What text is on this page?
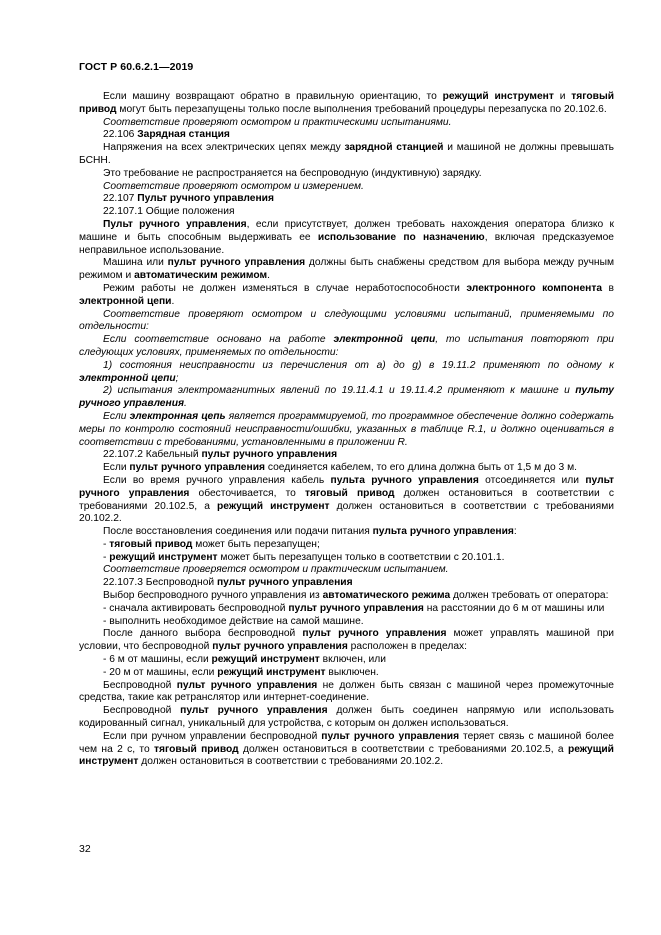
ГОСТ Р 60.6.2.1—2019

Если машину возвращают обратно в правильную ориентацию, то режущий инструмент и тяговый привод могут быть перезапущены только после выполнения требований процедуры перезапуска по 20.102.6.

Соответствие проверяют осмотром и практическими испытаниями.

22.106 Зарядная станция

Напряжения на всех электрических цепях между зарядной станцией и машиной не должны превышать БСНН.

Это требование не распространяется на беспроводную (индуктивную) зарядку.

Соответствие проверяют осмотром и измерением.

22.107 Пульт ручного управления

22.107.1 Общие положения

Пульт ручного управления, если присутствует, должен требовать нахождения оператора близко к машине и быть способным выдерживать ее использование по назначению, включая предсказуемое неправильное использование.

Машина или пульт ручного управления должны быть снабжены средством для выбора между ручным режимом и автоматическим режимом.

Режим работы не должен изменяться в случае неработоспособности электронного компонента в электронной цепи.

Соответствие проверяют осмотром и следующими условиями испытаний, применяемыми по отдельности:

Если соответствие основано на работе электронной цепи, то испытания повторяют при следующих условиях, применяемых по отдельности:

1) состояния неисправности из перечисления от a) до g) в 19.11.2 применяют по одному к электронной цепи;

2) испытания электромагнитных явлений по 19.11.4.1 и 19.11.4.2 применяют к машине и пульту ручного управления.

Если электронная цепь является программируемой, то программное обеспечение должно содержать меры по контролю состояний неисправности/ошибки, указанных в таблице R.1, и должно оцениваться в соответствии с требованиями, установленными в приложении R.

22.107.2 Кабельный пульт ручного управления

Если пульт ручного управления соединяется кабелем, то его длина должна быть от 1,5 м до 3 м.

Если во время ручного управления кабель пульта ручного управления отсоединяется или пульт ручного управления обесточивается, то тяговый привод должен остановиться в соответствии с требованиями 20.102.5, а режущий инструмент должен остановиться в соответствии с требованиями 20.102.2.

После восстановления соединения или подачи питания пульта ручного управления:

- тяговый привод может быть перезапущен;

- режущий инструмент может быть перезапущен только в соответствии с 20.101.1.

Соответствие проверяется осмотром и практическим испытанием.

22.107.3 Беспроводной пульт ручного управления

Выбор беспроводного ручного управления из автоматического режима должен требовать от оператора:

- сначала активировать беспроводной пульт ручного управления на расстоянии до 6 м от машины или

- выполнить необходимое действие на самой машине.

После данного выбора беспроводной пульт ручного управления может управлять машиной при условии, что беспроводной пульт ручного управления расположен в пределах:

- 6 м от машины, если режущий инструмент включен, или

- 20 м от машины, если режущий инструмент выключен.

Беспроводной пульт ручного управления не должен быть связан с машиной через промежуточные средства, такие как ретранслятор или интернет-соединение.

Беспроводной пульт ручного управления должен быть соединен напрямую или использовать кодированный сигнал, уникальный для устройства, с которым он должен использоваться.

Если при ручном управлении беспроводной пульт ручного управления теряет связь с машиной более чем на 2 с, то тяговый привод должен остановиться в соответствии с требованиями 20.102.5, а режущий инструмент должен остановиться в соответствии с требованиями 20.102.2.

32
